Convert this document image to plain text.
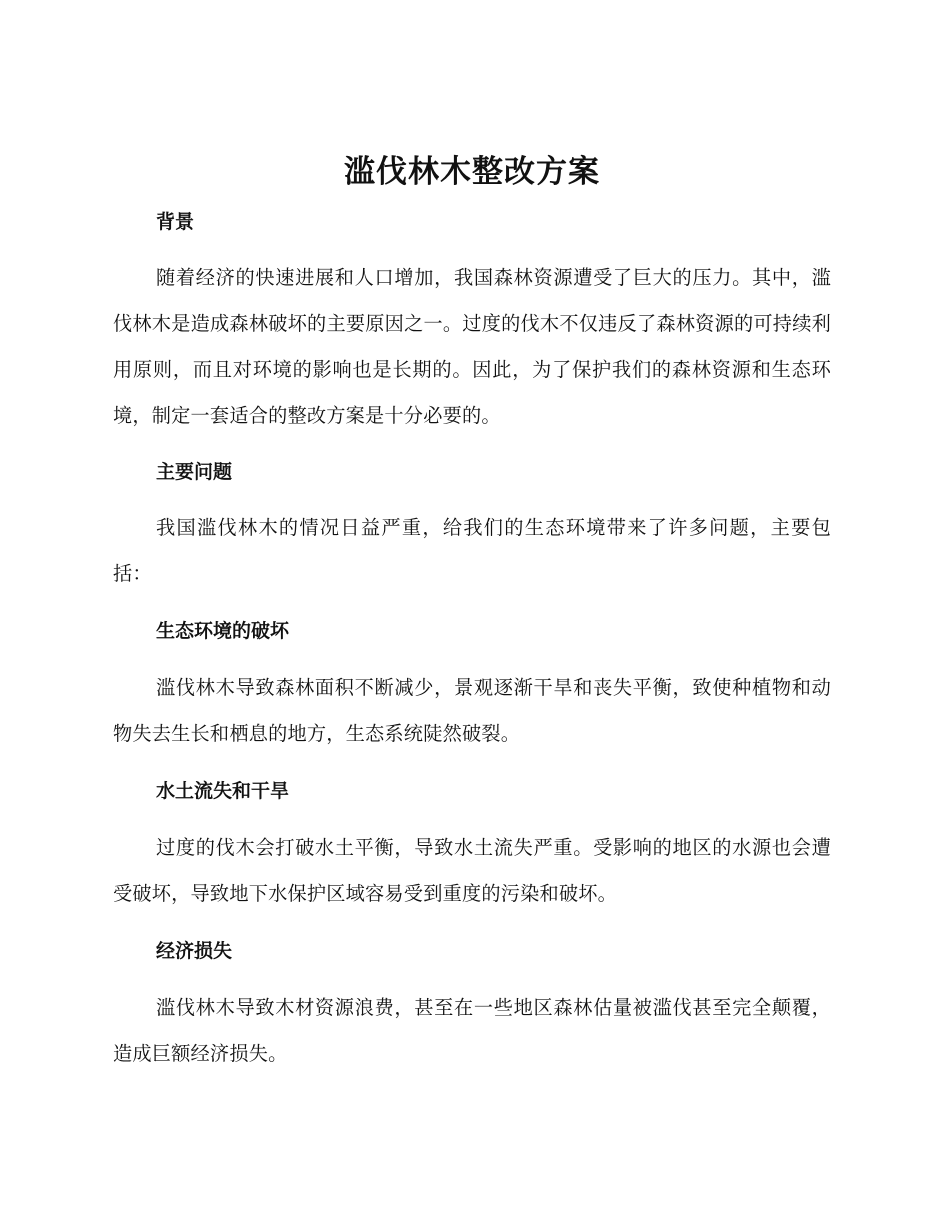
滥伐林木整改方案
背景

随着经济的快速进展和人口增加，我国森林资源遭受了巨大的压力。其中，滥伐林木是造成森林破坏的主要原因之一。过度的伐木不仅违反了森林资源的可持续利用原则，而且对环境的影响也是长期的。因此，为了保护我们的森林资源和生态环境，制定一套适合的整改方案是十分必要的。

主要问题

我国滥伐林木的情况日益严重，给我们的生态环境带来了许多问题，主要包括：

生态环境的破坏

滥伐林木导致森林面积不断减少，景观逐渐干旱和丧失平衡，致使种植物和动物失去生长和栖息的地方，生态系统陡然破裂。

水土流失和干旱

过度的伐木会打破水土平衡，导致水土流失严重。受影响的地区的水源也会遭受破坏，导致地下水保护区域容易受到重度的污染和破坏。

经济损失

滥伐林木导致木材资源浪费，甚至在一些地区森林估量被滥伐甚至完全颠覆，造成巨额经济损失。
